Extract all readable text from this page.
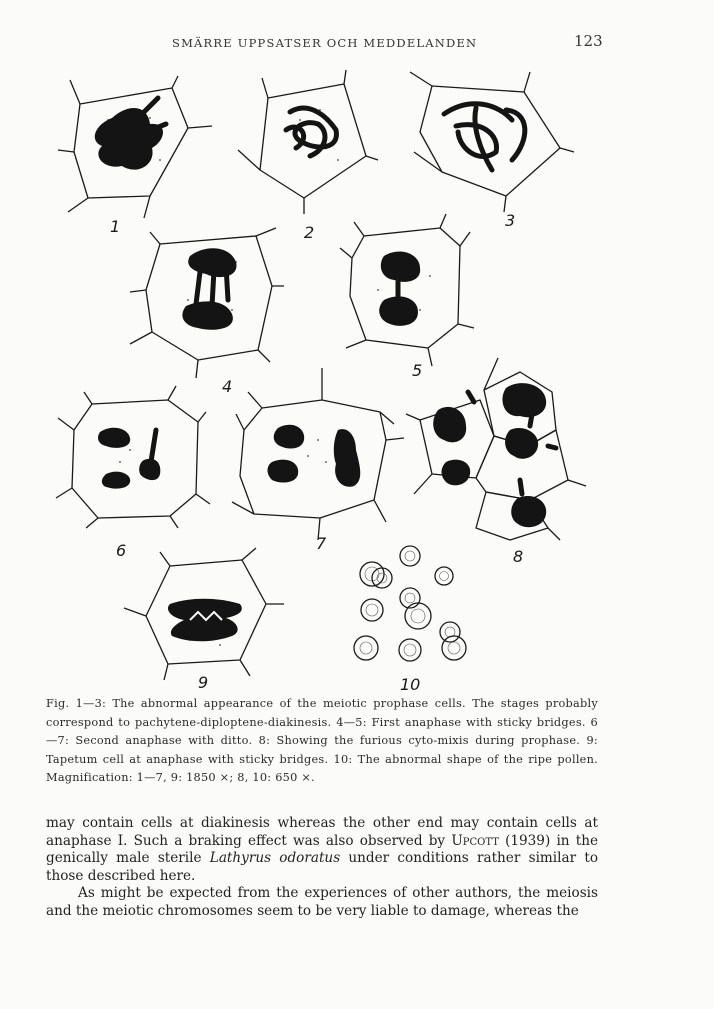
SMÄRRE UPPSATSER OCH MEDDELANDEN	123
1	2
3
4
5
6	7
8
9	10

Fig. 1—3: The abnormal appearance of the meiotic prophase cells. The stages probably correspond to pachytene-diploptene-diakinesis. 4—5: First anaphase with sticky bridges. 6—7: Second anaphase with ditto. 8: Showing the furious cyto-mixis during prophase. 9: Tapetum cell at anaphase with sticky bridges. 10: The abnormal shape of the ripe pollen. Magnification: 1—7, 9: 1850 ×; 8, 10: 650 ×.

may contain cells at diakinesis whereas the other end may contain cells at anaphase I. Such a braking effect was also observed by Upcott (1939) in the genically male sterile Lathyrus odoratus under conditions rather similar to those described here.

As might be expected from the experiences of other authors, the meiosis and the meiotic chromosomes seem to be very liable to damage, whereas the
